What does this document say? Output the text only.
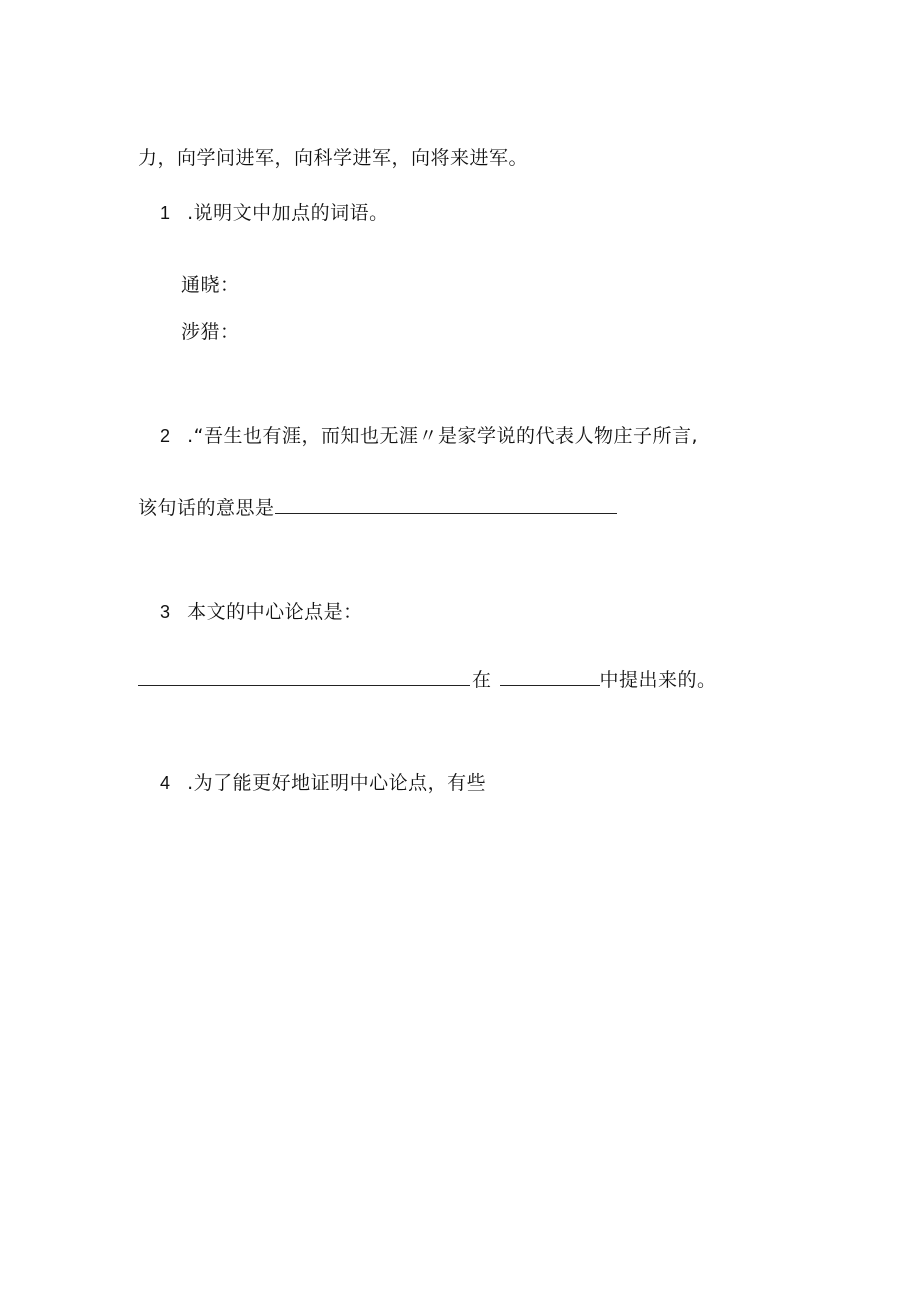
力，向学问进军，向科学进军，向将来进军。
1 .说明文中加点的词语。
通晓：
涉猎：
2 .“吾生也有涯，而知也无涯〃是家学说的代表人物庄子所言,
该句话的意思是
3 本文的中心论点是：
在	中提出来的。
4 .为了能更好地证明中心论点，有些
